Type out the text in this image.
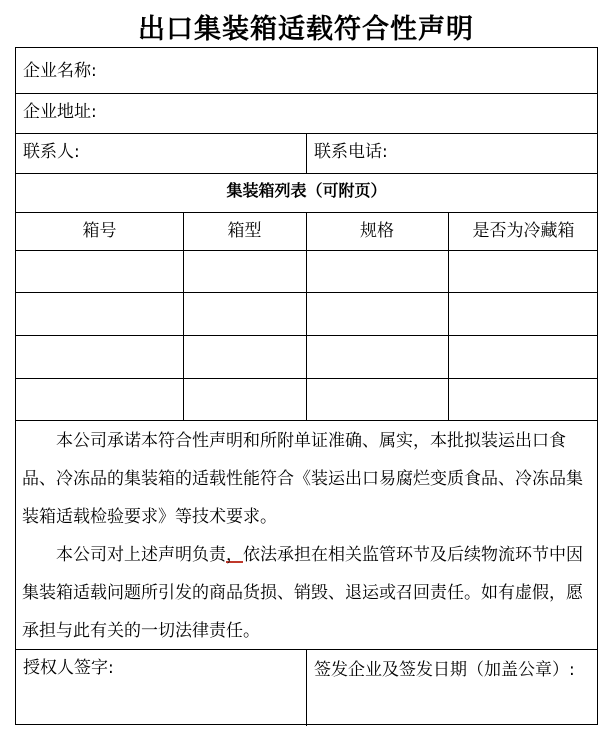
出口集装箱适载符合性声明
企业名称:
企业地址:
联系人:	联系电话:
集装箱列表（可附页）
箱号	箱型	规格	是否为冷藏箱

本公司承诺本符合性声明和所附单证准确、属实，本批拟装运出口食品、冷冻品的集装箱的适载性能符合《装运出口易腐烂变质食品、冷冻品集装箱适载检验要求》等技术要求。

本公司对上述声明负责，依法承担在相关监管环节及后续物流环节中因集装箱适载问题所引发的商品货损、销毁、退运或召回责任。如有虚假，愿承担与此有关的一切法律责任。

授权人签字:	签发企业及签发日期（加盖公章）:
